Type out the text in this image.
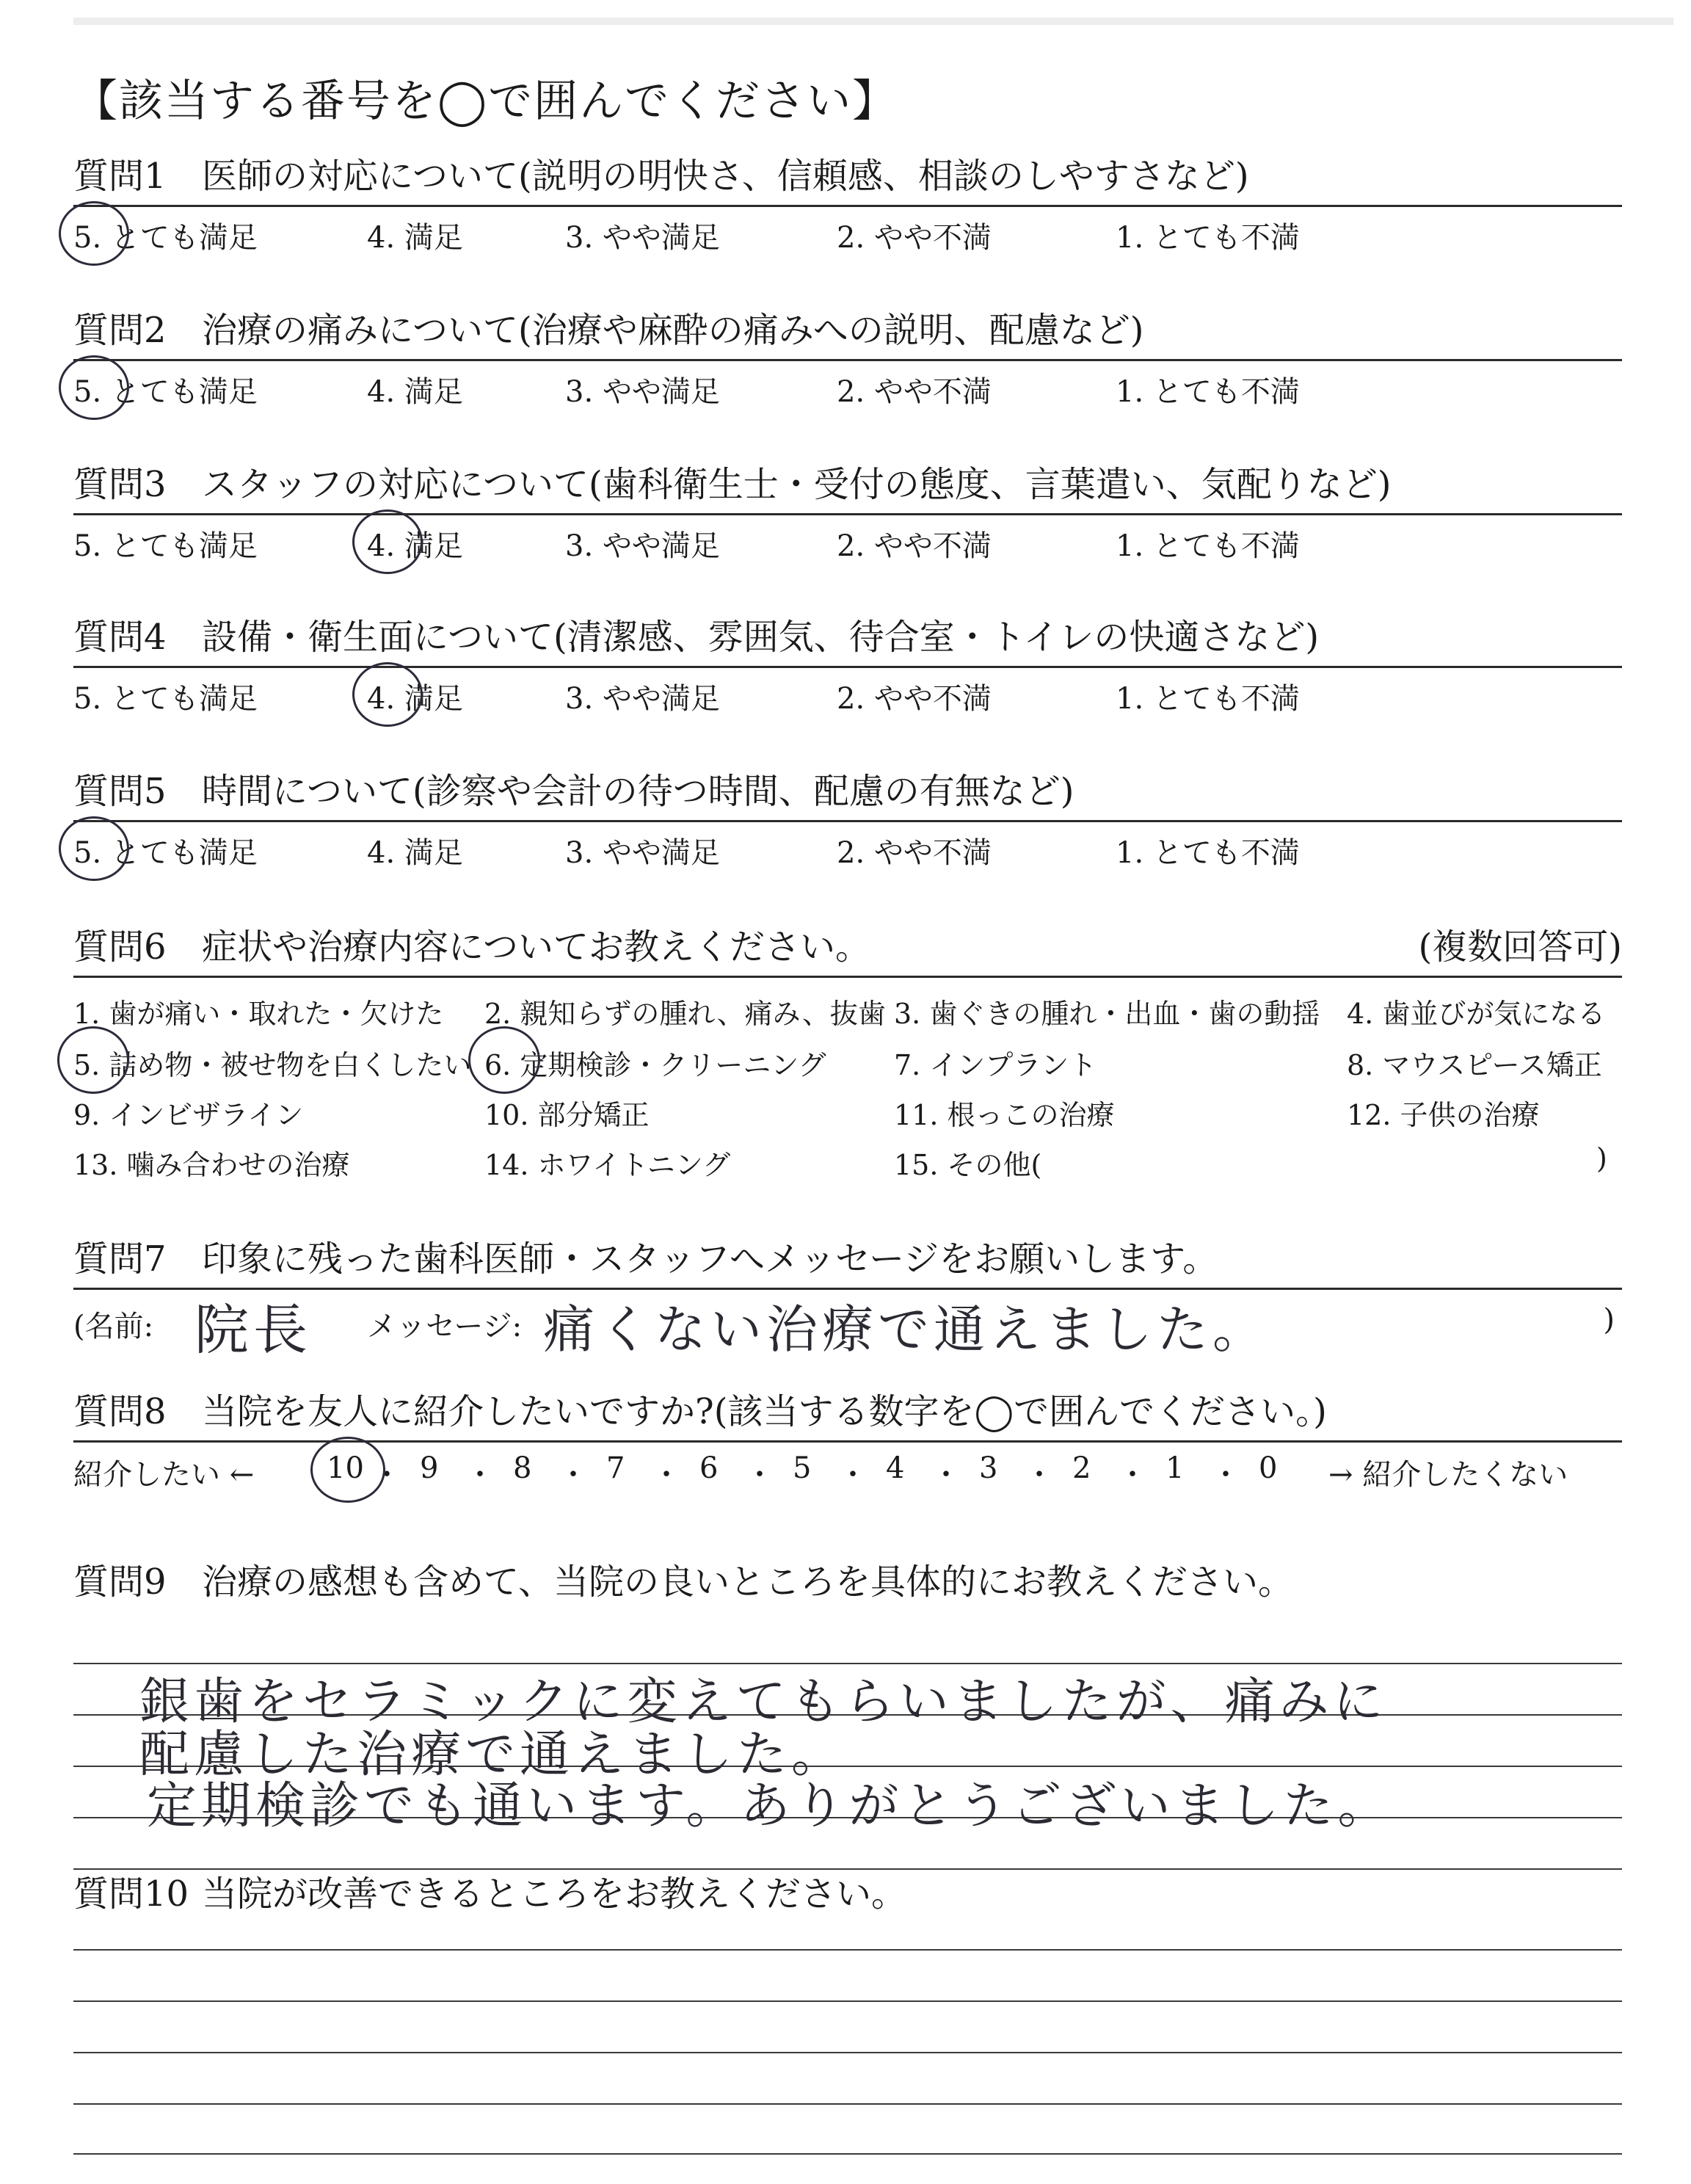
【該当する番号を◯で囲んでください】
質問1 医師の対応について(説明の明快さ、信頼感、相談のしやすさなど)
5. とても満足	4. 満足	3. やや満足	2. やや不満	1. とても不満
質問2 治療の痛みについて(治療や麻酔の痛みへの説明、配慮など)
5. とても満足	4. 満足	3. やや満足	2. やや不満	1. とても不満
質問3 スタッフの対応について(歯科衛生士・受付の態度、言葉遣い、気配りなど)
5. とても満足	4. 満足	3. やや満足	2. やや不満	1. とても不満
質問4 設備・衛生面について(清潔感、雰囲気、待合室・トイレの快適さなど)
5. とても満足	4. 満足	3. やや満足	2. やや不満	1. とても不満
質問5 時間について(診察や会計の待つ時間、配慮の有無など)
5. とても満足	4. 満足	3. やや満足	2. やや不満	1. とても不満
質問6 症状や治療内容についてお教えください。	(複数回答可)
1. 歯が痛い・取れた・欠けた 2. 親知らずの腫れ、痛み、抜歯 3. 歯ぐきの腫れ・出血・歯の動揺 4. 歯並びが気になる
5. 詰め物・被せ物を白くしたい 6. 定期検診・クリーニング 7. インプラント	8. マウスピース矯正
9. インビザライン	10. 部分矯正	11. 根っこの治療	12. 子供の治療
13. 噛み合わせの治療	14. ホワイトニング	15. その他(	)
質問7 印象に残った歯科医師・スタッフへメッセージをお願いします。
(名前: 院長 メッセージ: 痛くない治療で通えました。	)
質問8 当院を友人に紹介したいですか?(該当する数字を◯で囲んでください。)
紹介したい ← 10 ・ 9 ・ 8 ・ 7 ・ 6 ・ 5 ・ 4 ・ 3 ・ 2 ・ 1 ・ 0 → 紹介したくない
質問9 治療の感想も含めて、当院の良いところを具体的にお教えください。
銀歯をセラミックに変えてもらいましたが、痛みに
配慮した治療で通えました。
定期検診でも通います。ありがとうございました。
質問10 当院が改善できるところをお教えください。
